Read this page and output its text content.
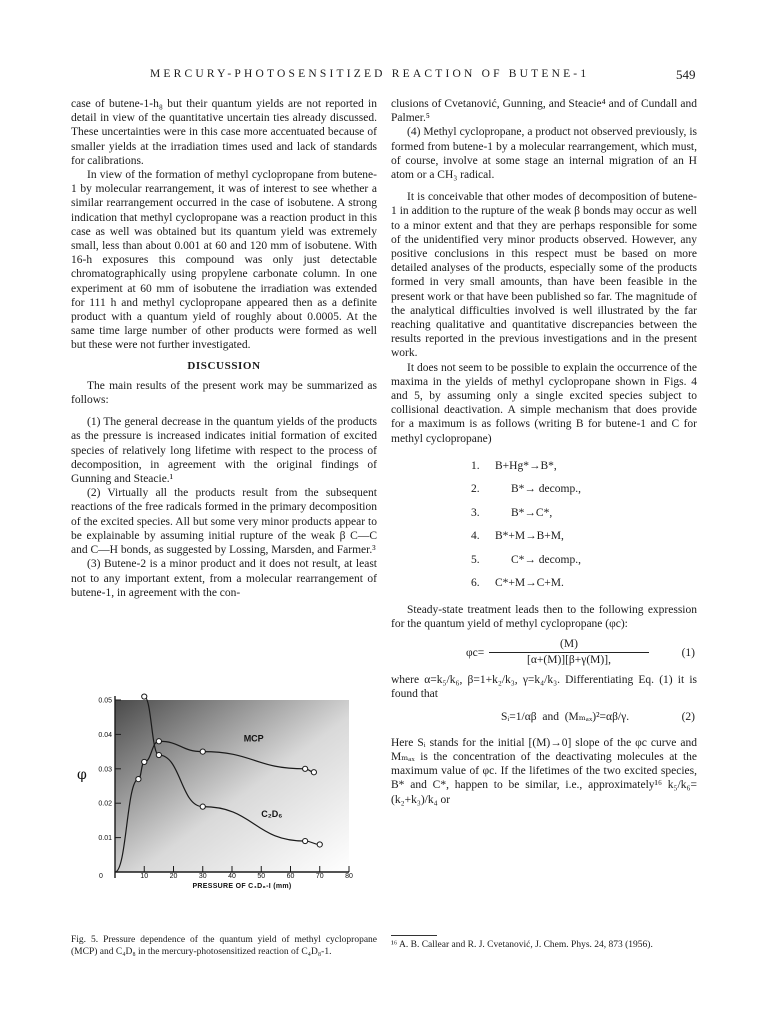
MERCURY-PHOTOSENSITIZED REACTION OF BUTENE-1	549

case of butene-1-h₈ but their quantum yields are not reported in detail in view of the quantitative uncertain ties already discussed. These uncertainties were in this case more accentuated because of smaller yields at the irradiation times used and lack of standards for calibrations.

In view of the formation of methyl cyclopropane from butene-1 by molecular rearrangement, it was of interest to see whether a similar rearrangement occurred in the case of isobutene. A strong indication that methyl cyclopropane was a reaction product in this case as well was obtained but its quantum yield was extremely small, less than about 0.001 at 60 and 120 mm of isobutene. With 16-h exposures this compound was only just detectable chromatographically using propylene carbonate column. In one experiment at 60 mm of isobutene the irradiation was extended for 111 h and methyl cyclopropane appeared then as a definite product with a quantum yield of roughly about 0.0005. At the same time large number of other products were formed as well but these were not further investigated.

DISCUSSION

The main results of the present work may be summarized as follows:

(1) The general decrease in the quantum yields of the products as the pressure is increased indicates initial formation of excited species of relatively long lifetime with respect to the process of decomposition, in agreement with the original findings of Gunning and Steacie.¹

(2) Virtually all the products result from the subsequent reactions of the free radicals formed in the primary decomposition of the excited species. All but some very minor products appear to be explainable by assuming initial rupture of the weak β C—C and C—H bonds, as suggested by Lossing, Marsden, and Farmer.³

(3) Butene-2 is a minor product and it does not result, at least not to any important extent, from a molecular rearrangement of butene-1, in agreement with the con-

clusions of Cvetanović, Gunning, and Steacie⁴ and of Cundall and Palmer.⁵

(4) Methyl cyclopropane, a product not observed previously, is formed from butene-1 by a molecular rearrangement, which must, of course, involve at some stage an internal migration of an H atom or a CH₃ radical.

It is conceivable that other modes of decomposition of butene-1 in addition to the rupture of the weak β bonds may occur as well to a minor extent and that they are perhaps responsible for some of the unidentified very minor products observed. However, any positive conclusions in this respect must be based on more detailed analyses of the products, especially some of the products formed in very small amounts, than have been feasible in the present work or that have been published so far. The magnitude of the analytical difficulties involved is well illustrated by the far reaching qualitative and quantitative discrepancies between the results reported in the previous investigations and in the present work.

It does not seem to be possible to explain the occurrence of the maxima in the yields of methyl cyclopropane shown in Figs. 4 and 5, by assuming only a single excited species subject to collisional deactivation. A simple mechanism that does provide for a maximum is as follows (writing B for butene-1 and C for methyl cyclopropane)

1.	B+Hg*→B*,
2.	B*→ decomp.,
3.	B*→C*,
4.	B*+M→B+M,
5.	C*→ decomp.,
6.	C*+M→C+M.

Steady-state treatment leads then to the following expression for the quantum yield of methyl cyclopropane (φc):

$\varphi c= \frac{(M)}{[\alpha+(M)][\beta+\gamma(M)],}$	(1)

where α=k₅/k₆, β=1+k₂/k₃, γ=k₄/k₃. Differentiating Eq. (1) it is found that

Sᵢ=1/αβ  and  (Mₘₐₓ)²=αβ/γ.	(2)

Here Sᵢ stands for the initial [(M)→0] slope of the φc curve and Mₘₐₓ is the concentration of the deactivating molecules at the maximum value of φc. If the lifetimes of the two excited species, B* and C*, happen to be similar, i.e., approximately¹⁶ k₅/k₆=(k₂+k₃)/k₄ or

¹⁶ A. B. Callear and R. J. Cvetanović, J. Chem. Phys. 24, 873 (1956).
0	10	20	30	40	50	60	70	80
0.05
0.04
0.03
0.02
0.01
φ
PRESSURE OF C₄D₈-I (mm)
MCP
C₂D₆
Fig. 5. Pressure dependence of the quantum yield of methyl cyclopropane (MCP) and C₄D₈ in the mercury-photosensitized reaction of C₄D₈-1.
